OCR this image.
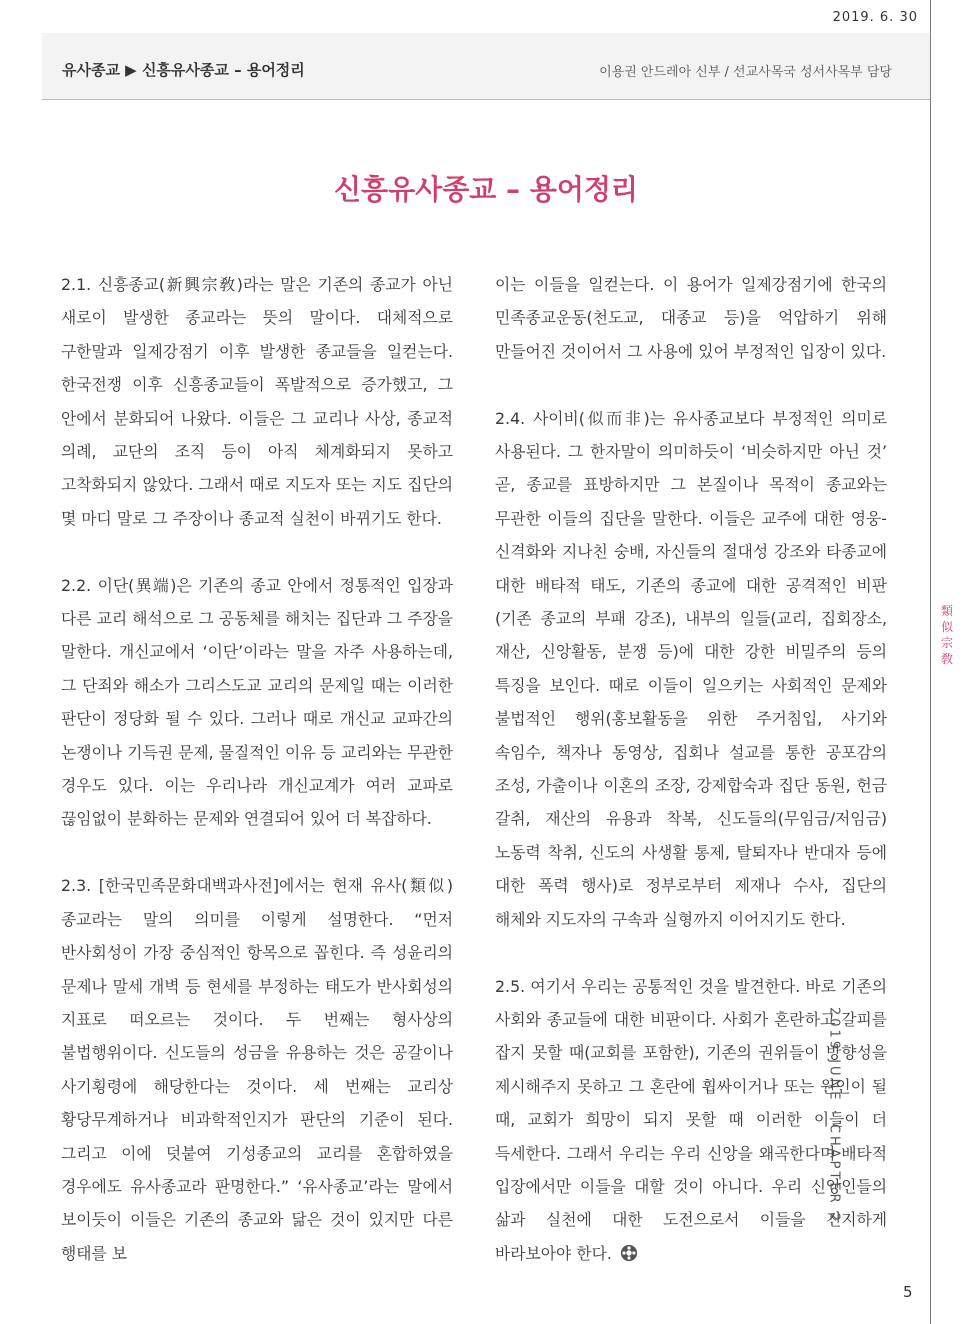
2019. 6. 30
유사종교 ▶ 신흥유사종교 – 용어정리	이용권 안드레아 신부 / 선교사목국 성서사목부 담당
신흥유사종교 – 용어정리

2.1. 신흥종교(新興宗敎)라는 말은 기존의 종교가 아닌 새로이 발생한 종교라는 뜻의 말이다. 대체적으로 구한말과 일제강점기 이후 발생한 종교들을 일컫는다. 한국전쟁 이후 신흥종교들이 폭발적으로 증가했고, 그 안에서 분화되어 나왔다. 이들은 그 교리나 사상, 종교적 의례, 교단의 조직 등이 아직 체계화되지 못하고 고착화되지 않았다. 그래서 때로 지도자 또는 지도 집단의 몇 마디 말로 그 주장이나 종교적 실천이 바뀌기도 한다.

2.2. 이단(異端)은 기존의 종교 안에서 정통적인 입장과 다른 교리 해석으로 그 공동체를 해치는 집단과 그 주장을 말한다. 개신교에서 ‘이단’이라는 말을 자주 사용하는데, 그 단죄와 해소가 그리스도교 교리의 문제일 때는 이러한 판단이 정당화 될 수 있다. 그러나 때로 개신교 교파간의 논쟁이나 기득권 문제, 물질적인 이유 등 교리와는 무관한 경우도 있다. 이는 우리나라 개신교계가 여러 교파로 끊임없이 분화하는 문제와 연결되어 있어 더 복잡하다.

2.3. [한국민족문화대백과사전]에서는 현재 유사(類似)종교라는 말의 의미를 이렇게 설명한다. “먼저 반사회성이 가장 중심적인 항목으로 꼽힌다. 즉 성윤리의 문제나 말세 개벽 등 현세를 부정하는 태도가 반사회성의 지표로 떠오르는 것이다. 두 번째는 형사상의 불법행위이다. 신도들의 성금을 유용하는 것은 공갈이나 사기횡령에 해당한다는 것이다. 세 번째는 교리상 황당무계하거나 비과학적인지가 판단의 기준이 된다. 그리고 이에 덧붙여 기성종교의 교리를 혼합하였을 경우에도 유사종교라 판명한다.” ‘유사종교’라는 말에서 보이듯이 이들은 기존의 종교와 닮은 것이 있지만 다른 행태를 보

이는 이들을 일컫는다. 이 용어가 일제강점기에 한국의 민족종교운동(천도교, 대종교 등)을 억압하기 위해 만들어진 것이어서 그 사용에 있어 부정적인 입장이 있다.

2.4. 사이비(似而非)는 유사종교보다 부정적인 의미로 사용된다. 그 한자말이 의미하듯이 ‘비슷하지만 아닌 것’ 곧, 종교를 표방하지만 그 본질이나 목적이 종교와는 무관한 이들의 집단을 말한다. 이들은 교주에 대한 영웅-신격화와 지나친 숭배, 자신들의 절대성 강조와 타종교에 대한 배타적 태도, 기존의 종교에 대한 공격적인 비판(기존 종교의 부패 강조), 내부의 일들(교리, 집회장소, 재산, 신앙활동, 분쟁 등)에 대한 강한 비밀주의 등의 특징을 보인다. 때로 이들이 일으키는 사회적인 문제와 불법적인 행위(홍보활동을 위한 주거침입, 사기와 속임수, 책자나 동영상, 집회나 설교를 통한 공포감의 조성, 가출이나 이혼의 조장, 강제합숙과 집단 동원, 헌금 갈취, 재산의 유용과 착복, 신도들의(무임금/저임금) 노동력 착취, 신도의 사생활 통제, 탈퇴자나 반대자 등에 대한 폭력 행사)로 정부로부터 제재나 수사, 집단의 해체와 지도자의 구속과 실형까지 이어지기도 한다.

2.5. 여기서 우리는 공통적인 것을 발견한다. 바로 기존의 사회와 종교들에 대한 비판이다. 사회가 혼란하고 갈피를 잡지 못할 때(교회를 포함한), 기존의 권위들이 방향성을 제시해주지 못하고 그 혼란에 휩싸이거나 또는 원인이 될 때, 교회가 희망이 되지 못할 때 이러한 이들이 더 득세한다. 그래서 우리는 우리 신앙을 왜곡한다며 배타적 입장에서만 이들을 대할 것이 아니다. 우리 신앙인들의 삶과 실천에 대한 도전으로서 이들을 진지하게 바라보아야 한다.

類
似
宗
敎
2019 JUNE · CHAPTER 2
5
